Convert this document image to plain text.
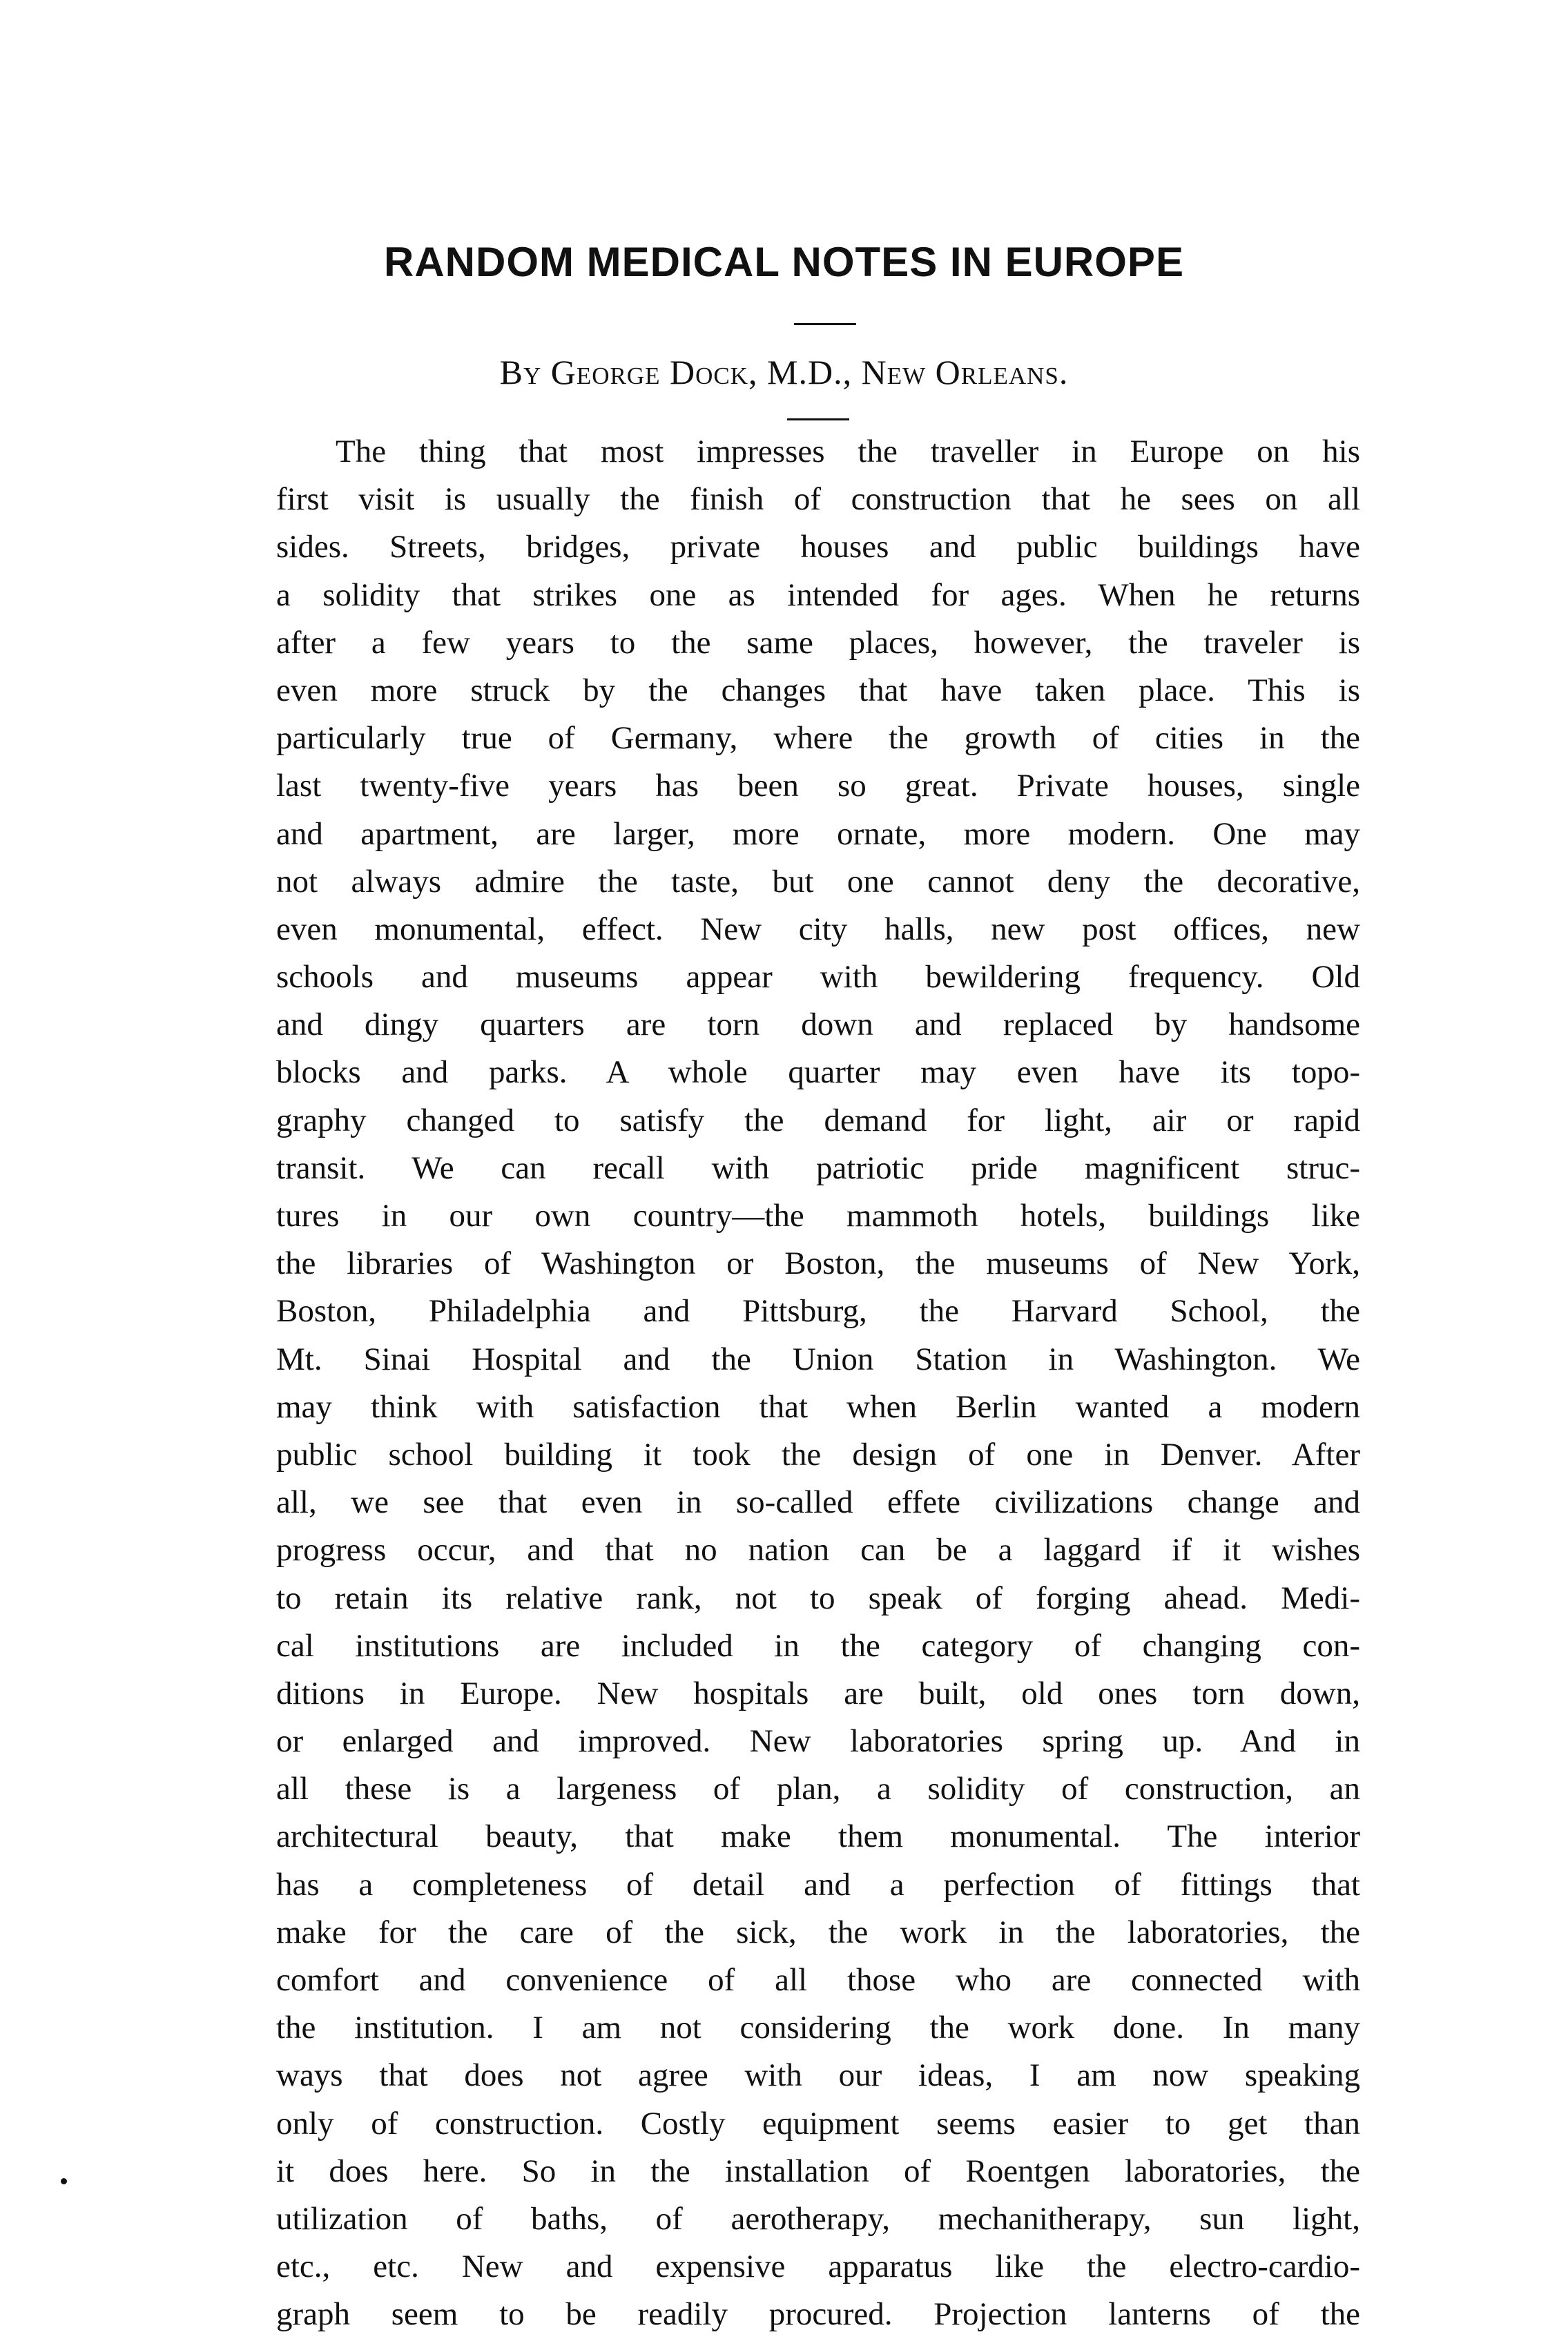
RANDOM MEDICAL NOTES IN EUROPE
By George Dock, M.D., New Orleans.
The thing that most impresses the traveller in Europe on his
first visit is usually the finish of construction that he sees on all
sides. Streets, bridges, private houses and public buildings have
a solidity that strikes one as intended for ages. When he returns
after a few years to the same places, however, the traveler is
even more struck by the changes that have taken place. This is
particularly true of Germany, where the growth of cities in the
last twenty-five years has been so great. Private houses, single
and apartment, are larger, more ornate, more modern. One may
not always admire the taste, but one cannot deny the decorative,
even monumental, effect. New city halls, new post offices, new
schools and museums appear with bewildering frequency. Old
and dingy quarters are torn down and replaced by handsome
blocks and parks. A whole quarter may even have its topo-
graphy changed to satisfy the demand for light, air or rapid
transit. We can recall with patriotic pride magnificent struc-
tures in our own country—the mammoth hotels, buildings like
the libraries of Washington or Boston, the museums of New York,
Boston, Philadelphia and Pittsburg, the Harvard School, the
Mt. Sinai Hospital and the Union Station in Washington. We
may think with satisfaction that when Berlin wanted a modern
public school building it took the design of one in Denver. After
all, we see that even in so-called effete civilizations change and
progress occur, and that no nation can be a laggard if it wishes
to retain its relative rank, not to speak of forging ahead. Medi-
cal institutions are included in the category of changing con-
ditions in Europe. New hospitals are built, old ones torn down,
or enlarged and improved. New laboratories spring up. And in
all these is a largeness of plan, a solidity of construction, an
architectural beauty, that make them monumental. The interior
has a completeness of detail and a perfection of fittings that
make for the care of the sick, the work in the laboratories, the
comfort and convenience of all those who are connected with
the institution. I am not considering the work done. In many
ways that does not agree with our ideas, I am now speaking
only of construction. Costly equipment seems easier to get than
it does here. So in the installation of Roentgen laboratories, the
utilization of baths, of aerotherapy, mechanitherapy, sun light,
etc., etc. New and expensive apparatus like the electro-cardio-
graph seem to be readily procured. Projection lanterns of the
